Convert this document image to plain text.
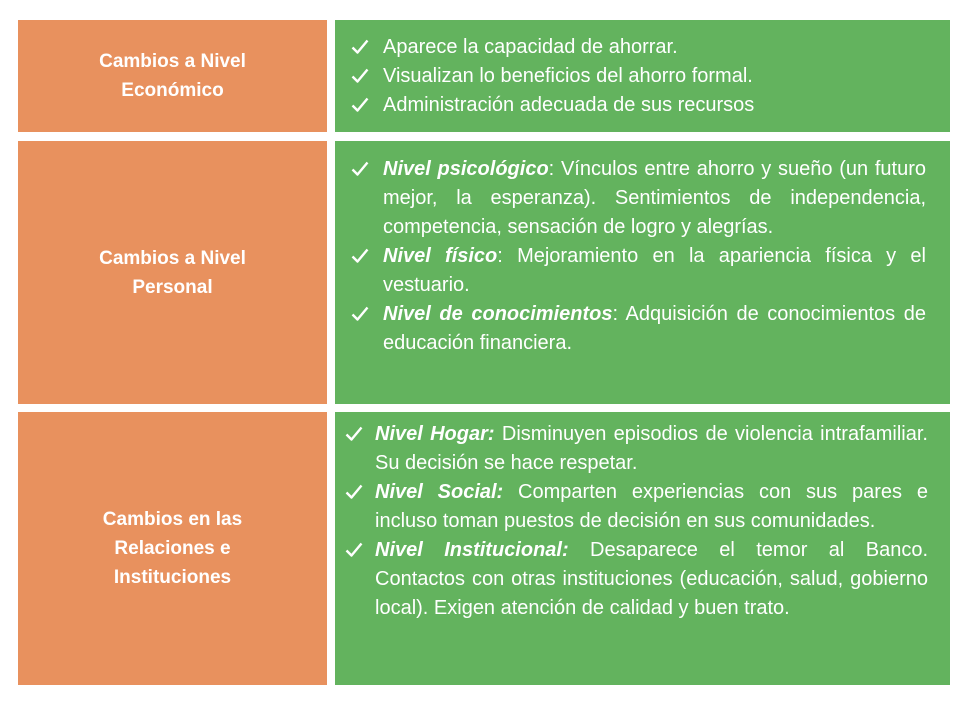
Cambios a Nivel
Económico
Aparece la capacidad de ahorrar.
Visualizan lo beneficios del ahorro formal.
Administración adecuada de sus recursos
Cambios a Nivel
Personal
Nivel psicológico: Vínculos entre ahorro y sueño (un futuro mejor, la esperanza). Sentimientos de independencia, competencia, sensación de logro y alegrías.
Nivel físico: Mejoramiento en la apariencia física y el vestuario.
Nivel de conocimientos: Adquisición de conocimientos de educación financiera.
Cambios en las
Relaciones e
Instituciones
Nivel Hogar: Disminuyen episodios de violencia intrafamiliar. Su decisión se hace respetar.
Nivel Social: Comparten experiencias con sus pares e incluso toman puestos de decisión en sus comunidades.
Nivel Institucional: Desaparece el temor al Banco. Contactos con otras instituciones (educación, salud, gobierno local). Exigen atención de calidad y buen trato.
